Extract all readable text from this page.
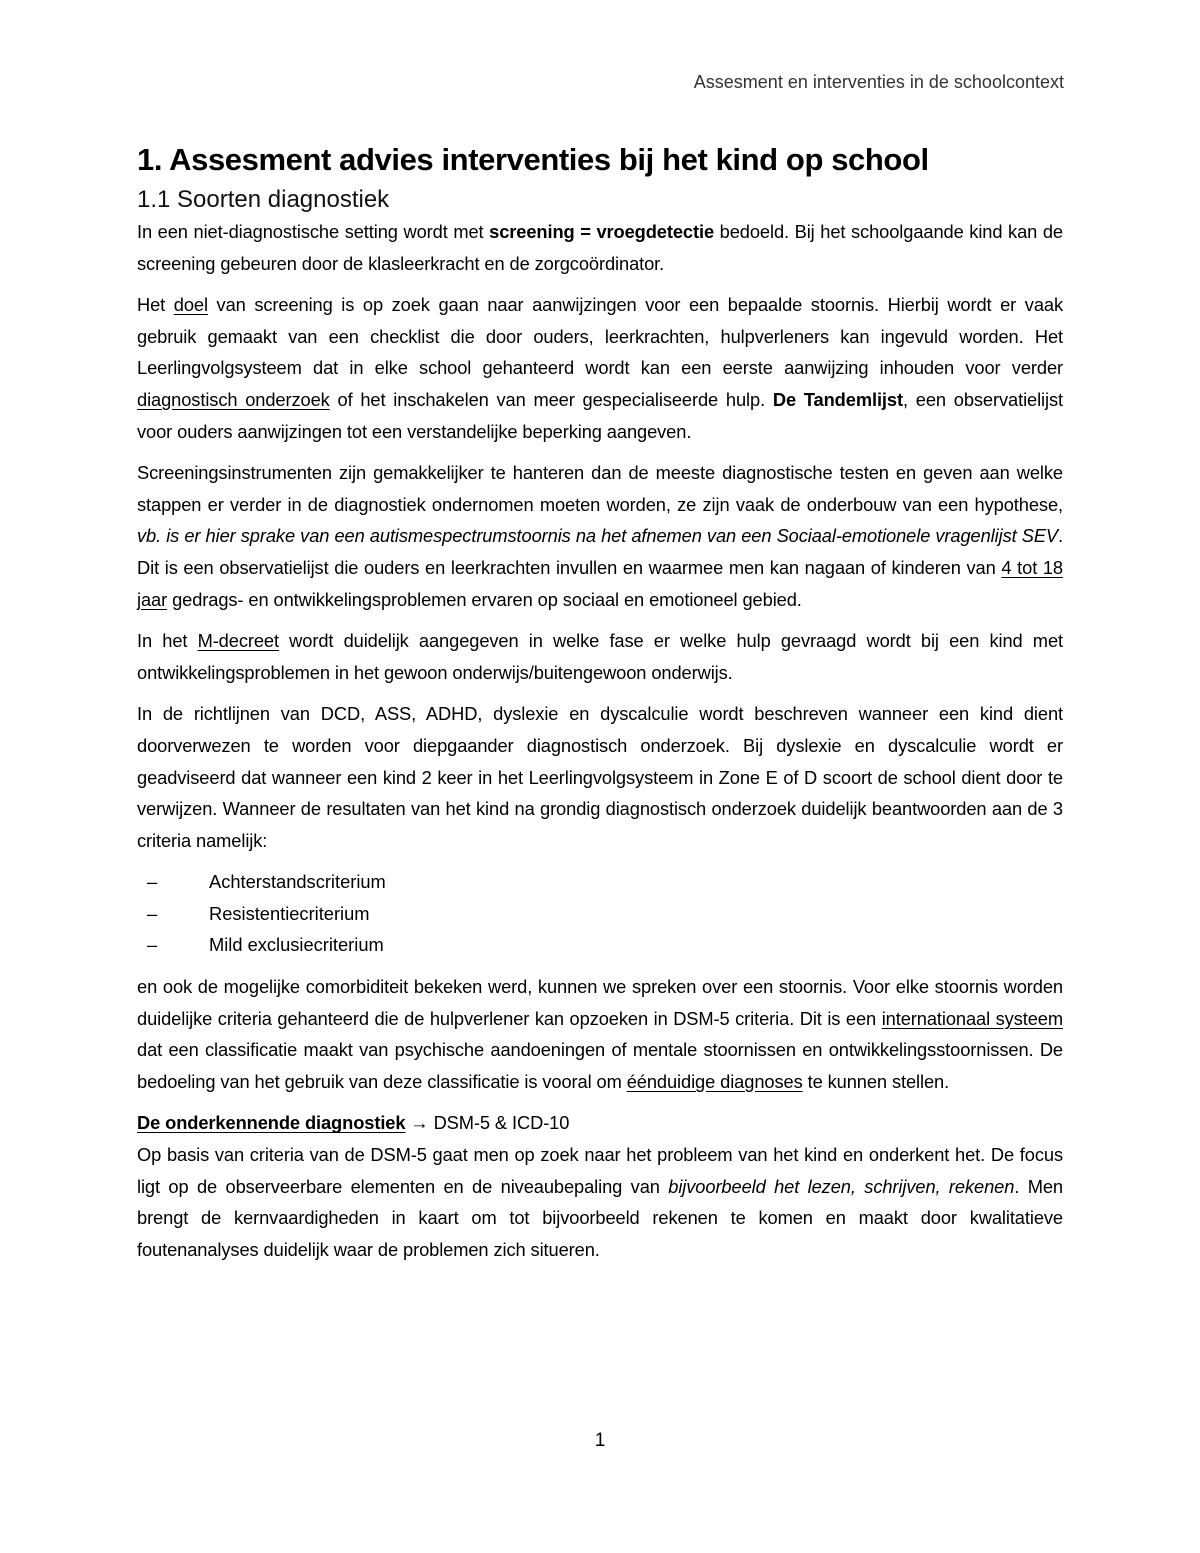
Assesment en interventies in de schoolcontext
1. Assesment advies interventies bij het kind op school
1.1 Soorten diagnostiek

In een niet-diagnostische setting wordt met screening = vroegdetectie bedoeld. Bij het schoolgaande kind kan de screening gebeuren door de klasleerkracht en de zorgcoördinator.

Het doel van screening is op zoek gaan naar aanwijzingen voor een bepaalde stoornis. Hierbij wordt er vaak gebruik gemaakt van een checklist die door ouders, leerkrachten, hulpverleners kan ingevuld worden. Het Leerlingvolgsysteem dat in elke school gehanteerd wordt kan een eerste aanwijzing inhouden voor verder diagnostisch onderzoek of het inschakelen van meer gespecialiseerde hulp. De Tandemlijst, een observatielijst voor ouders aanwijzingen tot een verstandelijke beperking aangeven.

Screeningsinstrumenten zijn gemakkelijker te hanteren dan de meeste diagnostische testen en geven aan welke stappen er verder in de diagnostiek ondernomen moeten worden, ze zijn vaak de onderbouw van een hypothese, vb. is er hier sprake van een autismespectrumstoornis na het afnemen van een Sociaal-emotionele vragenlijst SEV. Dit is een observatielijst die ouders en leerkrachten invullen en waarmee men kan nagaan of kinderen van 4 tot 18 jaar gedrags- en ontwikkelingsproblemen ervaren op sociaal en emotioneel gebied.

In het M-decreet wordt duidelijk aangegeven in welke fase er welke hulp gevraagd wordt bij een kind met ontwikkelingsproblemen in het gewoon onderwijs/buitengewoon onderwijs.

In de richtlijnen van DCD, ASS, ADHD, dyslexie en dyscalculie wordt beschreven wanneer een kind dient doorverwezen te worden voor diepgaander diagnostisch onderzoek. Bij dyslexie en dyscalculie wordt er geadviseerd dat wanneer een kind 2 keer in het Leerlingvolgsysteem in Zone E of D scoort de school dient door te verwijzen. Wanneer de resultaten van het kind na grondig diagnostisch onderzoek duidelijk beantwoorden aan de 3 criteria namelijk:

–	Achterstandscriterium
–	Resistentiecriterium
–	Mild exclusiecriterium

en ook de mogelijke comorbiditeit bekeken werd, kunnen we spreken over een stoornis. Voor elke stoornis worden duidelijke criteria gehanteerd die de hulpverlener kan opzoeken in DSM-5 criteria. Dit is een internationaal systeem dat een classificatie maakt van psychische aandoeningen of mentale stoornissen en ontwikkelingsstoornissen. De bedoeling van het gebruik van deze classificatie is vooral om éénduidige diagnoses te kunnen stellen.

De onderkennende diagnostiek → DSM-5 & ICD-10

Op basis van criteria van de DSM-5 gaat men op zoek naar het probleem van het kind en onderkent het. De focus ligt op de observeerbare elementen en de niveaubepaling van bijvoorbeeld het lezen, schrijven, rekenen. Men brengt de kernvaardigheden in kaart om tot bijvoorbeeld rekenen te komen en maakt door kwalitatieve foutenanalyses duidelijk waar de problemen zich situeren.

1
